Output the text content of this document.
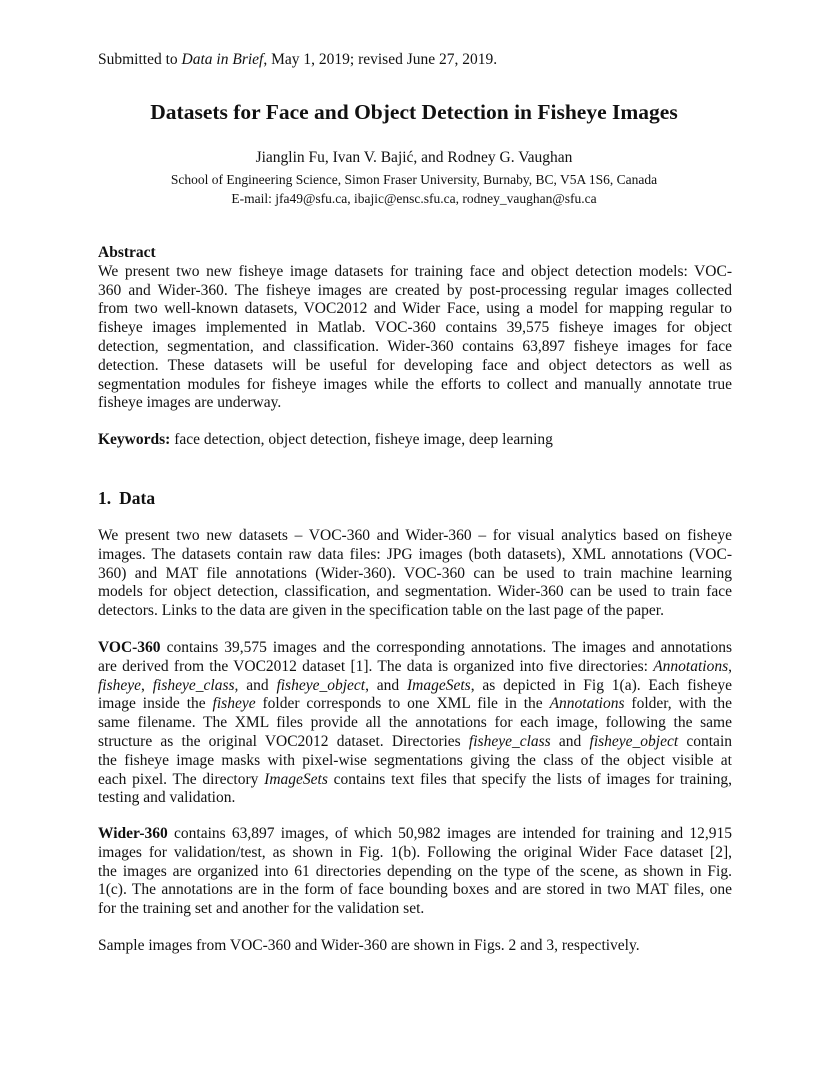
Submitted to Data in Brief, May 1, 2019; revised June 27, 2019.
Datasets for Face and Object Detection in Fisheye Images
Jianglin Fu, Ivan V. Bajić, and Rodney G. Vaughan
School of Engineering Science, Simon Fraser University, Burnaby, BC, V5A 1S6, Canada
E-mail: jfa49@sfu.ca, ibajic@ensc.sfu.ca, rodney_vaughan@sfu.ca
Abstract
We present two new fisheye image datasets for training face and object detection models: VOC-
360 and Wider-360. The fisheye images are created by post-processing regular images collected
from two well-known datasets, VOC2012 and Wider Face, using a model for mapping regular to
fisheye images implemented in Matlab. VOC-360 contains 39,575 fisheye images for object
detection, segmentation, and classification. Wider-360 contains 63,897 fisheye images for face
detection. These datasets will be useful for developing face and object detectors as well as
segmentation modules for fisheye images while the efforts to collect and manually annotate true
fisheye images are underway.
Keywords: face detection, object detection, fisheye image, deep learning
1. Data
We present two new datasets – VOC-360 and Wider-360 – for visual analytics based on fisheye
images. The datasets contain raw data files: JPG images (both datasets), XML annotations (VOC-
360) and MAT file annotations (Wider-360). VOC-360 can be used to train machine learning
models for object detection, classification, and segmentation. Wider-360 can be used to train face
detectors. Links to the data are given in the specification table on the last page of the paper.
VOC-360 contains 39,575 images and the corresponding annotations. The images and annotations
are derived from the VOC2012 dataset [1]. The data is organized into five directories: Annotations,
fisheye, fisheye_class, and fisheye_object, and ImageSets, as depicted in Fig 1(a). Each fisheye
image inside the fisheye folder corresponds to one XML file in the Annotations folder, with the
same filename. The XML files provide all the annotations for each image, following the same
structure as the original VOC2012 dataset. Directories fisheye_class and fisheye_object contain
the fisheye image masks with pixel-wise segmentations giving the class of the object visible at
each pixel. The directory ImageSets contains text files that specify the lists of images for training,
testing and validation.
Wider-360 contains 63,897 images, of which 50,982 images are intended for training and 12,915
images for validation/test, as shown in Fig. 1(b). Following the original Wider Face dataset [2],
the images are organized into 61 directories depending on the type of the scene, as shown in Fig.
1(c). The annotations are in the form of face bounding boxes and are stored in two MAT files, one
for the training set and another for the validation set.
Sample images from VOC-360 and Wider-360 are shown in Figs. 2 and 3, respectively.
